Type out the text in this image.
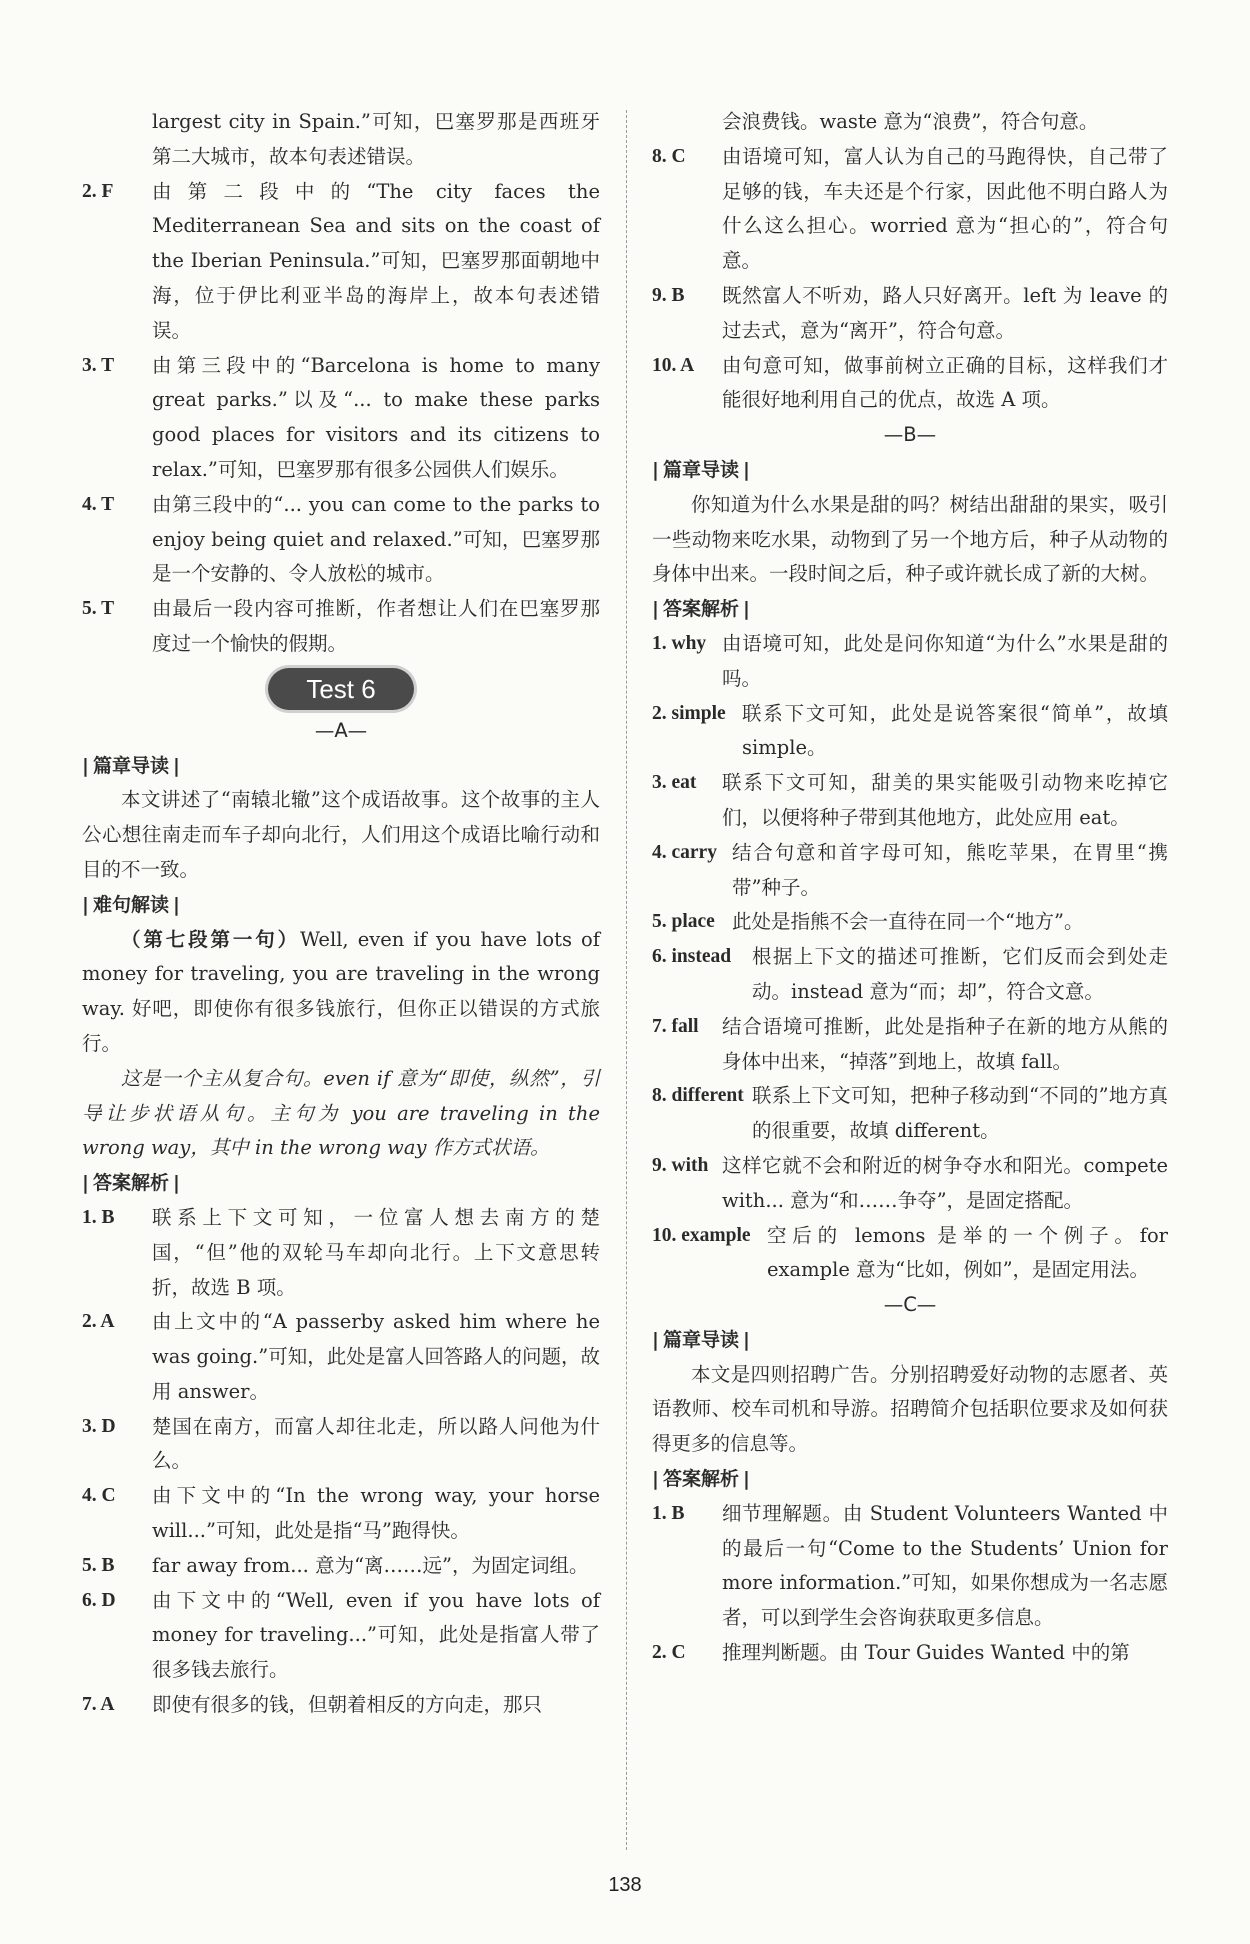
largest city in Spain.”可知，巴塞罗那是西班牙第二大城市，故本句表述错误。
2. F	由第二段中的“The city faces the Mediterranean Sea and sits on the coast of the Iberian Peninsula.”可知，巴塞罗那面朝地中海，位于伊比利亚半岛的海岸上，故本句表述错误。
3. T	由第三段中的“Barcelona is home to many great parks.”以及“... to make these parks good places for visitors and its citizens to relax.”可知，巴塞罗那有很多公园供人们娱乐。
4. T	由第三段中的“... you can come to the parks to enjoy being quiet and relaxed.”可知，巴塞罗那是一个安静的、令人放松的城市。
5. T	由最后一段内容可推断，作者想让人们在巴塞罗那度过一个愉快的假期。
Test 6
—A—
| 篇章导读 |
本文讲述了“南辕北辙”这个成语故事。这个故事的主人公心想往南走而车子却向北行，人们用这个成语比喻行动和目的不一致。
| 难句解读 |
（第七段第一句）Well, even if you have lots of money for traveling, you are traveling in the wrong way. 好吧，即使你有很多钱旅行，但你正以错误的方式旅行。
这是一个主从复合句。even if 意为“即使，纵然”，引导让步状语从句。主句为 you are traveling in the wrong way，其中 in the wrong way 作方式状语。
| 答案解析 |
1. B	联系上下文可知，一位富人想去南方的楚国，“但”他的双轮马车却向北行。上下文意思转折，故选 B 项。
2. A	由上文中的“A passerby asked him where he was going.”可知，此处是富人回答路人的问题，故用 answer。
3. D	楚国在南方，而富人却往北走，所以路人问他为什么。
4. C	由下文中的“In the wrong way, your horse will...”可知，此处是指“马”跑得快。
5. B	far away from... 意为“离……远”，为固定词组。
6. D	由下文中的“Well, even if you have lots of money for traveling...”可知，此处是指富人带了很多钱去旅行。
7. A	即使有很多的钱，但朝着相反的方向走，那只
会浪费钱。waste 意为“浪费”，符合句意。
8. C	由语境可知，富人认为自己的马跑得快，自己带了足够的钱，车夫还是个行家，因此他不明白路人为什么这么担心。worried 意为“担心的”，符合句意。
9. B	既然富人不听劝，路人只好离开。left 为 leave 的过去式，意为“离开”，符合句意。
10. A	由句意可知，做事前树立正确的目标，这样我们才能很好地利用自己的优点，故选 A 项。
—B—
| 篇章导读 |
你知道为什么水果是甜的吗？树结出甜甜的果实，吸引一些动物来吃水果，动物到了另一个地方后，种子从动物的身体中出来。一段时间之后，种子或许就长成了新的大树。
| 答案解析 |
1. why 由语境可知，此处是问你知道“为什么”水果是甜的吗。
2. simple 联系下文可知，此处是说答案很“简单”，故填 simple。
3. eat	联系下文可知，甜美的果实能吸引动物来吃掉它们，以便将种子带到其他地方，此处应用 eat。
4. carry 结合句意和首字母可知，熊吃苹果，在胃里“携带”种子。
5. place 此处是指熊不会一直待在同一个“地方”。
6. instead	根据上下文的描述可推断，它们反而会到处走动。instead 意为“而；却”，符合文意。
7. fall	结合语境可推断，此处是指种子在新的地方从熊的身体中出来，“掉落”到地上，故填 fall。
8. different 联系上下文可知，把种子移动到“不同的”地方真的很重要，故填 different。
9. with 这样它就不会和附近的树争夺水和阳光。compete with... 意为“和……争夺”，是固定搭配。
10. example 空后的 lemons 是举的一个例子。for example 意为“比如，例如”，是固定用法。
—C—
| 篇章导读 |
本文是四则招聘广告。分别招聘爱好动物的志愿者、英语教师、校车司机和导游。招聘简介包括职位要求及如何获得更多的信息等。
| 答案解析 |
1. B	细节理解题。由 Student Volunteers Wanted 中的最后一句“Come to the Students’ Union for more information.”可知，如果你想成为一名志愿者，可以到学生会咨询获取更多信息。
2. C	推理判断题。由 Tour Guides Wanted 中的第
138
